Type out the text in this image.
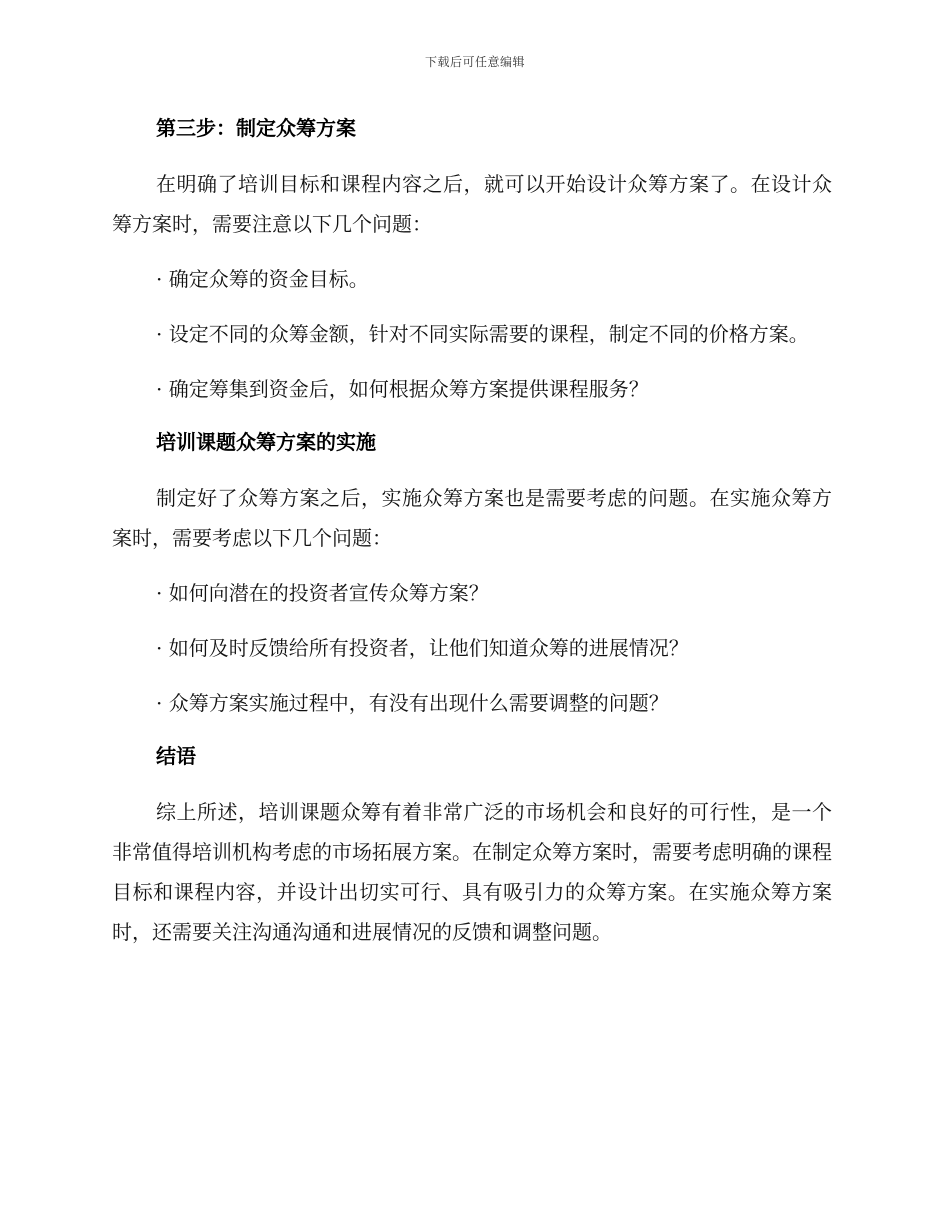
下载后可任意编辑
第三步：制定众筹方案
在明确了培训目标和课程内容之后，就可以开始设计众筹方案了。在设计众筹方案时，需要注意以下几个问题：
· 确定众筹的资金目标。
· 设定不同的众筹金额，针对不同实际需要的课程，制定不同的价格方案。
· 确定筹集到资金后，如何根据众筹方案提供课程服务？
培训课题众筹方案的实施
制定好了众筹方案之后，实施众筹方案也是需要考虑的问题。在实施众筹方案时，需要考虑以下几个问题：
· 如何向潜在的投资者宣传众筹方案？
· 如何及时反馈给所有投资者，让他们知道众筹的进展情况？
· 众筹方案实施过程中，有没有出现什么需要调整的问题？
结语
综上所述，培训课题众筹有着非常广泛的市场机会和良好的可行性，是一个非常值得培训机构考虑的市场拓展方案。在制定众筹方案时，需要考虑明确的课程目标和课程内容，并设计出切实可行、具有吸引力的众筹方案。在实施众筹方案时，还需要关注沟通沟通和进展情况的反馈和调整问题。
